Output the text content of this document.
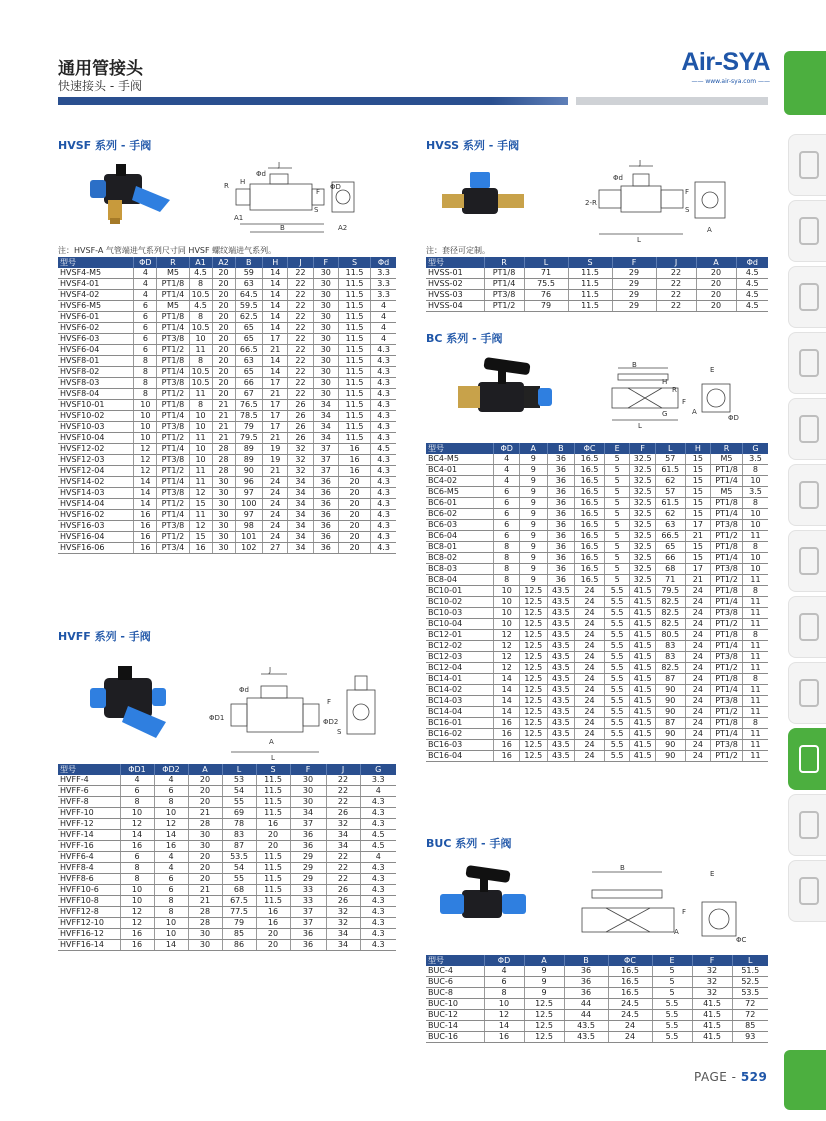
通用管接头
快速接头 - 手阀
Air-SYA
—— www.air-sya.com ——
HVSF 系列 - 手阀
J
Φd
R H
F
ΦD
S
A1
B	A2
注：HVSF-A 气管端进气系列尺寸同 HVSF 螺纹端进气系列。
型号	ΦD	R	A1	A2	B	H	J	F	S	Φd
HVSF4-M5	4	M5	4.5	20	59	14	22	30	11.5	3.3
HVSF4-01	4	PT1/8	8	20	63	14	22	30	11.5	3.3
HVSF4-02	4	PT1/4	10.5	20	64.5	14	22	30	11.5	3.3
HVSF6-M5	6	M5	4.5	20	59.5	14	22	30	11.5	4
HVSF6-01	6	PT1/8	8	20	62.5	14	22	30	11.5	4
HVSF6-02	6	PT1/4	10.5	20	65	14	22	30	11.5	4
HVSF6-03	6	PT3/8	10	20	65	17	22	30	11.5	4
HVSF6-04	6	PT1/2	11	20	66.5	21	22	30	11.5	4.3
HVSF8-01	8	PT1/8	8	20	63	14	22	30	11.5	4.3
HVSF8-02	8	PT1/4	10.5	20	65	14	22	30	11.5	4.3
HVSF8-03	8	PT3/8	10.5	20	66	17	22	30	11.5	4.3
HVSF8-04	8	PT1/2	11	20	67	21	22	30	11.5	4.3
HVSF10-01	10	PT1/8	8	21	76.5	17	26	34	11.5	4.3
HVSF10-02	10	PT1/4	10	21	78.5	17	26	34	11.5	4.3
HVSF10-03	10	PT3/8	10	21	79	17	26	34	11.5	4.3
HVSF10-04	10	PT1/2	11	21	79.5	21	26	34	11.5	4.3
HVSF12-02	12	PT1/4	10	28	89	19	32	37	16	4.5
HVSF12-03	12	PT3/8	10	28	89	19	32	37	16	4.3
HVSF12-04	12	PT1/2	11	28	90	21	32	37	16	4.3
HVSF14-02	14	PT1/4	11	30	96	24	34	36	20	4.3
HVSF14-03	14	PT3/8	12	30	97	24	34	36	20	4.3
HVSF14-04	14	PT1/2	15	30	100	24	34	36	20	4.3
HVSF16-02	16	PT1/4	11	30	97	24	34	36	20	4.3
HVSF16-03	16	PT3/8	12	30	98	24	34	36	20	4.3
HVSF16-04	16	PT1/2	15	30	101	24	34	36	20	4.3
HVSF16-06	16	PT3/4	16	30	102	27	34	36	20	4.3
HVSS 系列 - 手阀
J
Φd
F
2-R
S
L
A
注：套径可定制。
型号	R	L	S	F	J	A	Φd
HVSS-01	PT1/8	71	11.5	29	22	20	4.5
HVSS-02	PT1/4	75.5	11.5	29	22	20	4.5
HVSS-03	PT3/8	76	11.5	29	22	20	4.5
HVSS-04	PT1/2	79	11.5	29	22	20	4.5
BC 系列 - 手阀
B
E
H
R
F
L
A
G	ΦD
型号	ΦD	A	B	ΦC	E	F	L	H	R	G
BC4-M5	4	9	36	16.5	5	32.5	57	15	M5	3.5
BC4-01	4	9	36	16.5	5	32.5	61.5	15	PT1/8	8
BC4-02	4	9	36	16.5	5	32.5	62	15	PT1/4	10
BC6-M5	6	9	36	16.5	5	32.5	57	15	M5	3.5
BC6-01	6	9	36	16.5	5	32.5	61.5	15	PT1/8	8
BC6-02	6	9	36	16.5	5	32.5	62	15	PT1/4	10
BC6-03	6	9	36	16.5	5	32.5	63	17	PT3/8	10
BC6-04	6	9	36	16.5	5	32.5	66.5	21	PT1/2	11
BC8-01	8	9	36	16.5	5	32.5	65	15	PT1/8	8
BC8-02	8	9	36	16.5	5	32.5	66	15	PT1/4	10
BC8-03	8	9	36	16.5	5	32.5	68	17	PT3/8	10
BC8-04	8	9	36	16.5	5	32.5	71	21	PT1/2	11
BC10-01	10	12.5	43.5	24	5.5	41.5	79.5	24	PT1/8	8
BC10-02	10	12.5	43.5	24	5.5	41.5	82.5	24	PT1/4	11
BC10-03	10	12.5	43.5	24	5.5	41.5	82.5	24	PT3/8	11
BC10-04	10	12.5	43.5	24	5.5	41.5	82.5	24	PT1/2	11
BC12-01	12	12.5	43.5	24	5.5	41.5	80.5	24	PT1/8	8
BC12-02	12	12.5	43.5	24	5.5	41.5	83	24	PT1/4	11
BC12-03	12	12.5	43.5	24	5.5	41.5	83	24	PT3/8	11
BC12-04	12	12.5	43.5	24	5.5	41.5	82.5	24	PT1/2	11
BC14-01	14	12.5	43.5	24	5.5	41.5	87	24	PT1/8	8
BC14-02	14	12.5	43.5	24	5.5	41.5	90	24	PT1/4	11
BC14-03	14	12.5	43.5	24	5.5	41.5	90	24	PT3/8	11
BC14-04	14	12.5	43.5	24	5.5	41.5	90	24	PT1/2	11
BC16-01	16	12.5	43.5	24	5.5	41.5	87	24	PT1/8	8
BC16-02	16	12.5	43.5	24	5.5	41.5	90	24	PT1/4	11
BC16-03	16	12.5	43.5	24	5.5	41.5	90	24	PT3/8	11
BC16-04	16	12.5	43.5	24	5.5	41.5	90	24	PT1/2	11
HVFF 系列 - 手阀
J
Φd
F
ΦD1	ΦD2
S
A
L
型号	ΦD1	ΦD2	A	L	S	F	J	G
HVFF-4	4	4	20	53	11.5	30	22	3.3
HVFF-6	6	6	20	54	11.5	30	22	4
HVFF-8	8	8	20	55	11.5	30	22	4.3
HVFF-10	10	10	21	69	11.5	34	26	4.3
HVFF-12	12	12	28	78	16	37	32	4.3
HVFF-14	14	14	30	83	20	36	34	4.5
HVFF-16	16	16	30	87	20	36	34	4.5
HVFF6-4	6	4	20	53.5	11.5	29	22	4
HVFF8-4	8	4	20	54	11.5	29	22	4.3
HVFF8-6	8	6	20	55	11.5	29	22	4.3
HVFF10-6	10	6	21	68	11.5	33	26	4.3
HVFF10-8	10	8	21	67.5	11.5	33	26	4.3
HVFF12-8	12	8	28	77.5	16	37	32	4.3
HVFF12-10	12	10	28	79	16	37	32	4.3
HVFF16-12	16	10	30	85	20	36	34	4.3
HVFF16-14	16	14	30	86	20	36	34	4.3
BUC 系列 - 手阀
B
E
F
A
ΦC
型号	ΦD	A	B	ΦC	E	F	L
BUC-4	4	9	36	16.5	5	32	51.5
BUC-6	6	9	36	16.5	5	32	52.5
BUC-8	8	9	36	16.5	5	32	53.5
BUC-10	10	12.5	44	24.5	5.5	41.5	72
BUC-12	12	12.5	44	24.5	5.5	41.5	72
BUC-14	14	12.5	43.5	24	5.5	41.5	85
BUC-16	16	12.5	43.5	24	5.5	41.5	93
PAGE - 529
